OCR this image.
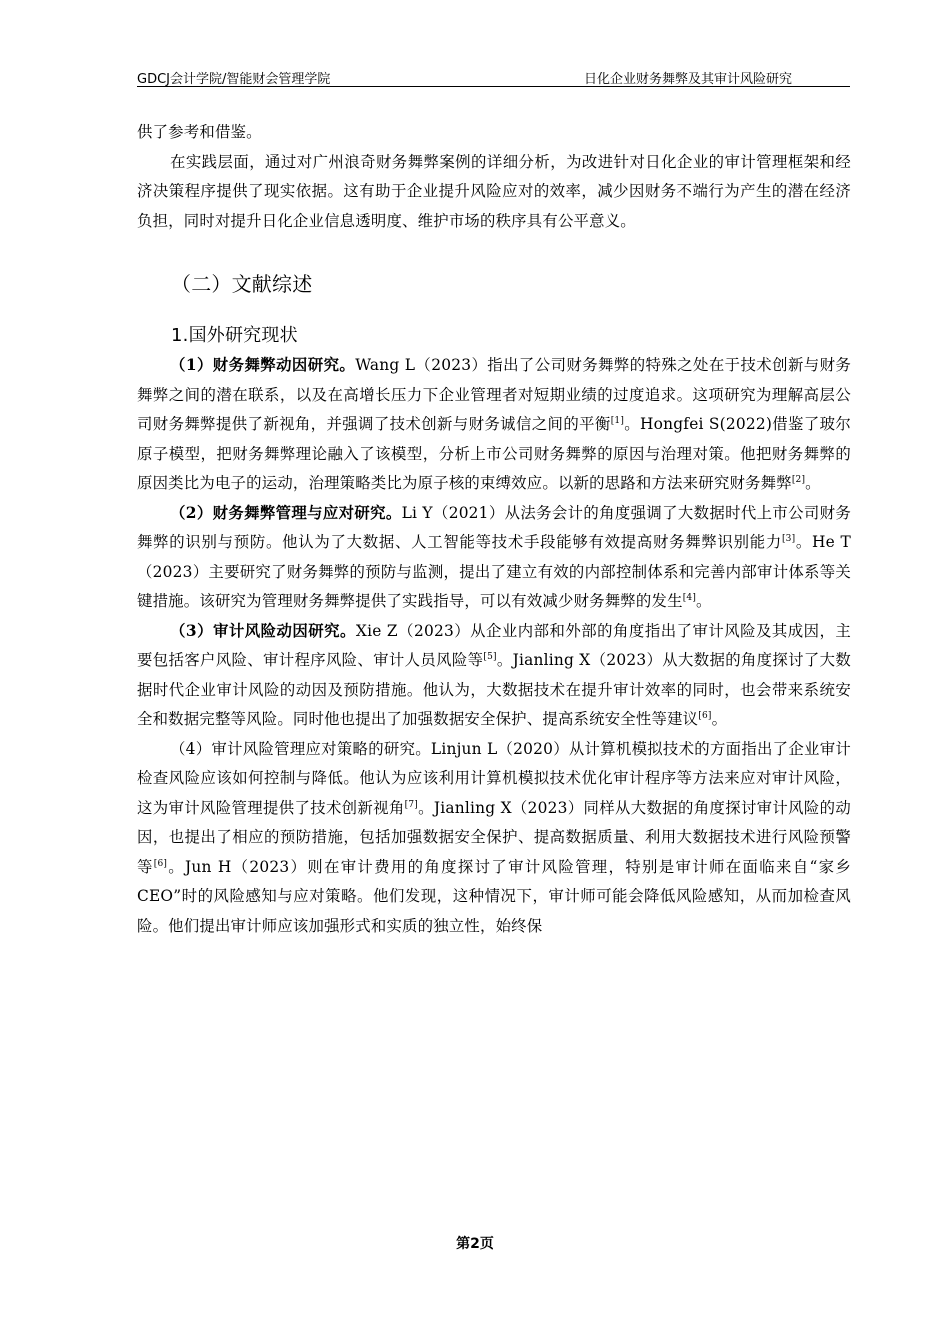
GDCJ会计学院/智能财会管理学院	日化企业财务舞弊及其审计风险研究

供了参考和借鉴。

在实践层面，通过对广州浪奇财务舞弊案例的详细分析，为改进针对日化企业的审计管理框架和经济决策程序提供了现实依据。这有助于企业提升风险应对的效率，减少因财务不端行为产生的潜在经济负担，同时对提升日化企业信息透明度、维护市场的秩序具有公平意义。

（二）文献综述
1.国外研究现状

（1）财务舞弊动因研究。Wang L（2023）指出了公司财务舞弊的特殊之处在于技术创新与财务舞弊之间的潜在联系，以及在高增长压力下企业管理者对短期业绩的过度追求。这项研究为理解高层公司财务舞弊提供了新视角，并强调了技术创新与财务诚信之间的平衡[1]。Hongfei S(2022)借鉴了玻尔原子模型，把财务舞弊理论融入了该模型，分析上市公司财务舞弊的原因与治理对策。他把财务舞弊的原因类比为电子的运动，治理策略类比为原子核的束缚效应。以新的思路和方法来研究财务舞弊[2]。

（2）财务舞弊管理与应对研究。Li Y（2021）从法务会计的角度强调了大数据时代上市公司财务舞弊的识别与预防。他认为了大数据、人工智能等技术手段能够有效提高财务舞弊识别能力[3]。He T（2023）主要研究了财务舞弊的预防与监测，提出了建立有效的内部控制体系和完善内部审计体系等关键措施。该研究为管理财务舞弊提供了实践指导，可以有效减少财务舞弊的发生[4]。

（3）审计风险动因研究。Xie Z（2023）从企业内部和外部的角度指出了审计风险及其成因，主要包括客户风险、审计程序风险、审计人员风险等[5]。Jianling X（2023）从大数据的角度探讨了大数据时代企业审计风险的动因及预防措施。他认为，大数据技术在提升审计效率的同时，也会带来系统安全和数据完整等风险。同时他也提出了加强数据安全保护、提高系统安全性等建议[6]。

（4）审计风险管理应对策略的研究。Linjun L（2020）从计算机模拟技术的方面指出了企业审计检查风险应该如何控制与降低。他认为应该利用计算机模拟技术优化审计程序等方法来应对审计风险，这为审计风险管理提供了技术创新视角[7]。Jianling X（2023）同样从大数据的角度探讨审计风险的动因，也提出了相应的预防措施，包括加强数据安全保护、提高数据质量、利用大数据技术进行风险预警等[6]。Jun H（2023）则在审计费用的角度探讨了审计风险管理，特别是审计师在面临来自“家乡CEO”时的风险感知与应对策略。他们发现，这种情况下，审计师可能会降低风险感知，从而加检查风险。他们提出审计师应该加强形式和实质的独立性，始终保

第2页
